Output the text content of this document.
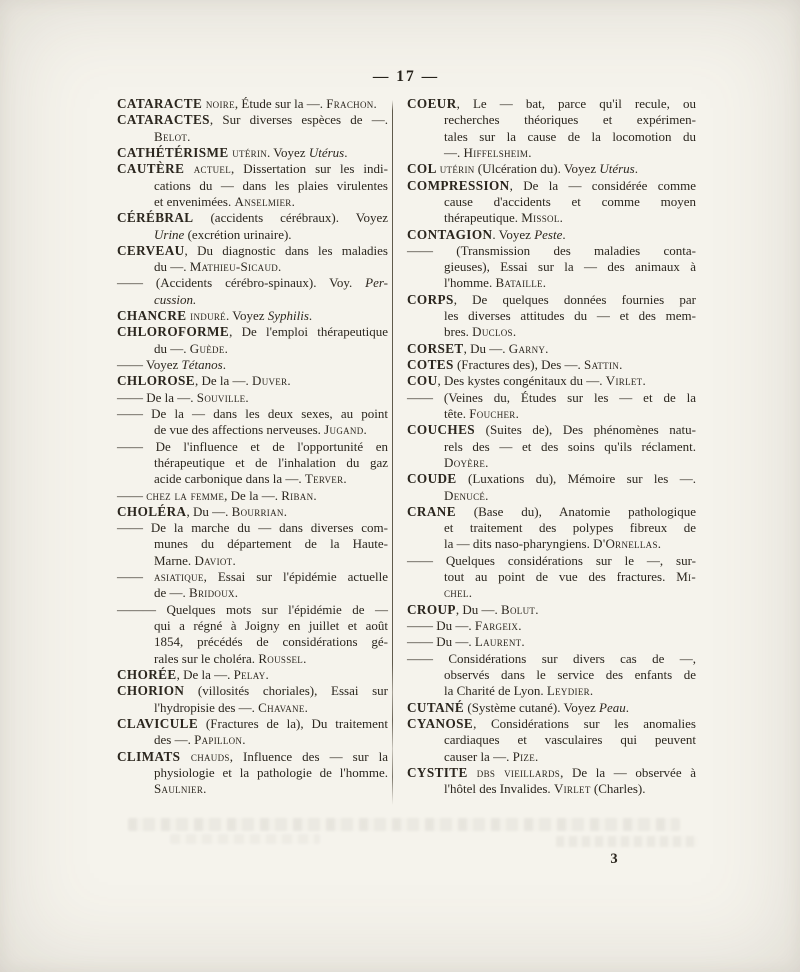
— 17 —
CATARACTE noire, Étude sur la —. Frachon.
CATARACTES, Sur diverses espèces de —.
Belot.
CATHÉTÉRISME utérin. Voyez Utérus.
CAUTÈRE actuel, Dissertation sur les indi-
cations du — dans les plaies virulentes
et envenimées. Anselmier.
CÉRÉBRAL (accidents cérébraux). Voyez
Urine (excrétion urinaire).
CERVEAU, Du diagnostic dans les maladies
du —. Mathieu-Sicaud.
—— (Accidents cérébro-spinaux). Voy. Per-
cussion.
CHANCRE induré. Voyez Syphilis.
CHLOROFORME, De l'emploi thérapeutique
du —. Guède.
—— Voyez Tétanos.
CHLOROSE, De la —. Duver.
—— De la —. Souville.
—— De la — dans les deux sexes, au point
de vue des affections nerveuses. Jugand.
—— De l'influence et de l'opportunité en
thérapeutique et de l'inhalation du gaz
acide carbonique dans la —. Terver.
—— chez la femme, De la —. Riban.
CHOLÉRA, Du —. Bourrian.
—— De la marche du — dans diverses com-
munes du département de la Haute-
Marne. Daviot.
—— asiatique, Essai sur l'épidémie actuelle
de —. Bridoux.
——— Quelques mots sur l'épidémie de —
qui a régné à Joigny en juillet et août
1854, précédés de considérations gé-
rales sur le choléra. Roussel.
CHORÉE, De la —. Pelay.
CHORION (villosités choriales), Essai sur
l'hydropisie des —. Chavane.
CLAVICULE (Fractures de la), Du traitement
des —. Papillon.
CLIMATS chauds, Influence des — sur la
physiologie et la pathologie de l'homme.
Saulnier.
COEUR, Le — bat, parce qu'il recule, ou
recherches théoriques et expérimen-
tales sur la cause de la locomotion du
—. Hiffelsheim.
COL utérin (Ulcération du). Voyez Utérus.
COMPRESSION, De la — considérée comme
cause d'accidents et comme moyen
thérapeutique. Missol.
CONTAGION. Voyez Peste.
—— (Transmission des maladies conta-
gieuses), Essai sur la — des animaux à
l'homme. Bataille.
CORPS, De quelques données fournies par
les diverses attitudes du — et des mem-
bres. Duclos.
CORSET, Du —. Garny.
COTES (Fractures des), Des —. Sattin.
COU, Des kystes congénitaux du —. Virlet.
—— (Veines du, Études sur les — et de la
tête. Foucher.
COUCHES (Suites de), Des phénomènes natu-
rels des — et des soins qu'ils réclament.
Doyère.
COUDE (Luxations du), Mémoire sur les —.
Denucé.
CRANE (Base du), Anatomie pathologique
et traitement des polypes fibreux de
la — dits naso-pharyngiens. D'Ornellas.
—— Quelques considérations sur le —, sur-
tout au point de vue des fractures. Mi-
chel.
CROUP, Du —. Bolut.
—— Du —. Fargeix.
—— Du —. Laurent.
—— Considérations sur divers cas de —,
observés dans le service des enfants de
la Charité de Lyon. Leydier.
CUTANÉ (Système cutané). Voyez Peau.
CYANOSE, Considérations sur les anomalies
cardiaques et vasculaires qui peuvent
causer la —. Pize.
CYSTITE dbs vieillards, De la — observée à
l'hôtel des Invalides. Virlet (Charles).
3
